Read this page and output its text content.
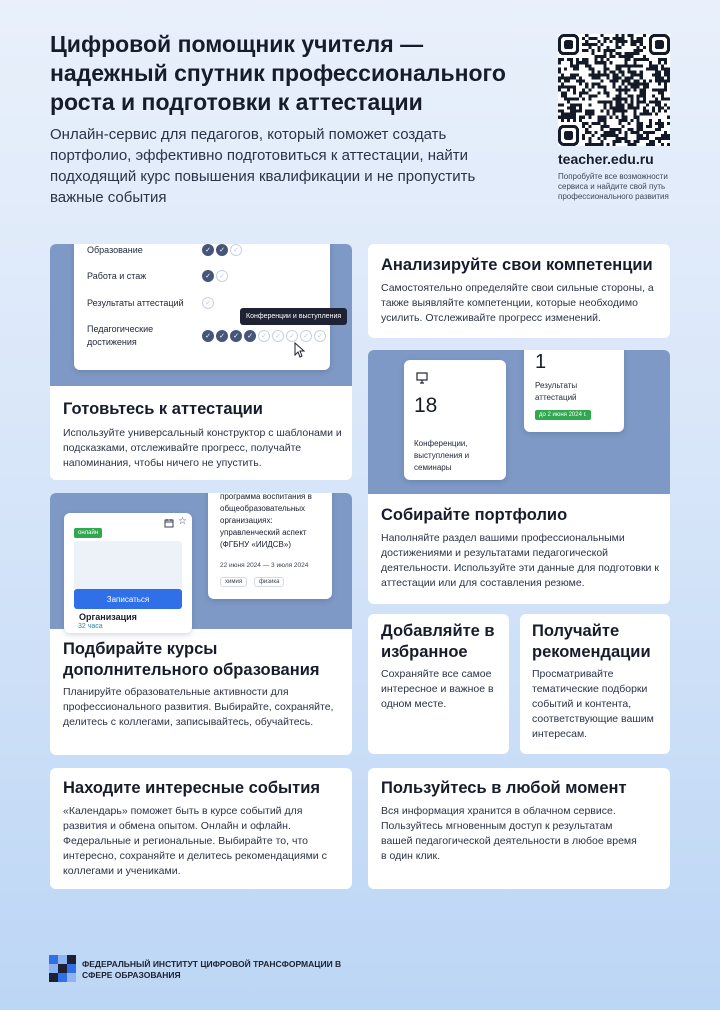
Цифровой помощник учителя — надежный спутник профессионального роста и подготовки к аттестации

Онлайн-сервис для педагогов, который поможет создать портфолио, эффективно подготовиться к аттестации, найти подходящий курс повышения квалификации и не пропустить важные события

teacher.edu.ru
Попробуйте все возможности сервиса и найдите свой путь профессионального развития
Образование	✓	✓	✓
Работа и стаж	✓	✓
Результаты аттестаций	✓
Педагогические достижения
✓	✓	✓	✓	✓	✓	✓	✓	✓
Конференции и выступления
Готовьтесь к аттестации

Используйте универсальный конструктор с шаблонами и подсказками, отслеживайте прогресс, получайте напоминания, чтобы ничего не упустить.

Анализируйте свои компетенции

Самостоятельно определяйте свои сильные стороны, а также выявляйте компетенции, которые необходимо усилить. Отслеживайте прогресс изменений.

18
Конференции, выступления и семинары
1
Результаты аттестаций
до 2 июня 2024 г.
Собирайте портфолио

Наполняйте раздел вашими профессиональными достижениями и результатами педагогической деятельности. Используйте эти данные для подготовки к аттестации или для составления резюме.

онлайн
☆
Записаться
32 часа
программа воспитания в общеобразовательных организациях: управленческий аспект (ФГБНУ «ИИДСВ»)
22 июня 2024 — 3 июля 2024
химия	физика
Организация
Подбирайте курсы дополнительного образования

Планируйте образовательные активности для профессионального развития. Выбирайте, сохраняйте, делитесь с коллегами, записывайтесь, обучайтесь.

Добавляйте в избранное

Сохраняйте все самое интересное и важное в одном месте.

Получайте рекомендации

Просматривайте тематические подборки событий и контента, соответствующие вашим интересам.

Находите интересные события

«Календарь» поможет быть в курсе событий для развития и обмена опытом. Онлайн и офлайн. Федеральные и региональные. Выбирайте то, что интересно, сохраняйте и делитесь рекомендациями с коллегами и учениками.

Пользуйтесь в любой момент

Вся информация хранится в облачном сервисе. Пользуйтесь мгновенным доступ к результатам вашей педагогической деятельности в любое время в один клик.

ФЕДЕРАЛЬНЫЙ ИНСТИТУТ ЦИФРОВОЙ ТРАНСФОРМАЦИИ В СФЕРЕ ОБРАЗОВАНИЯ
